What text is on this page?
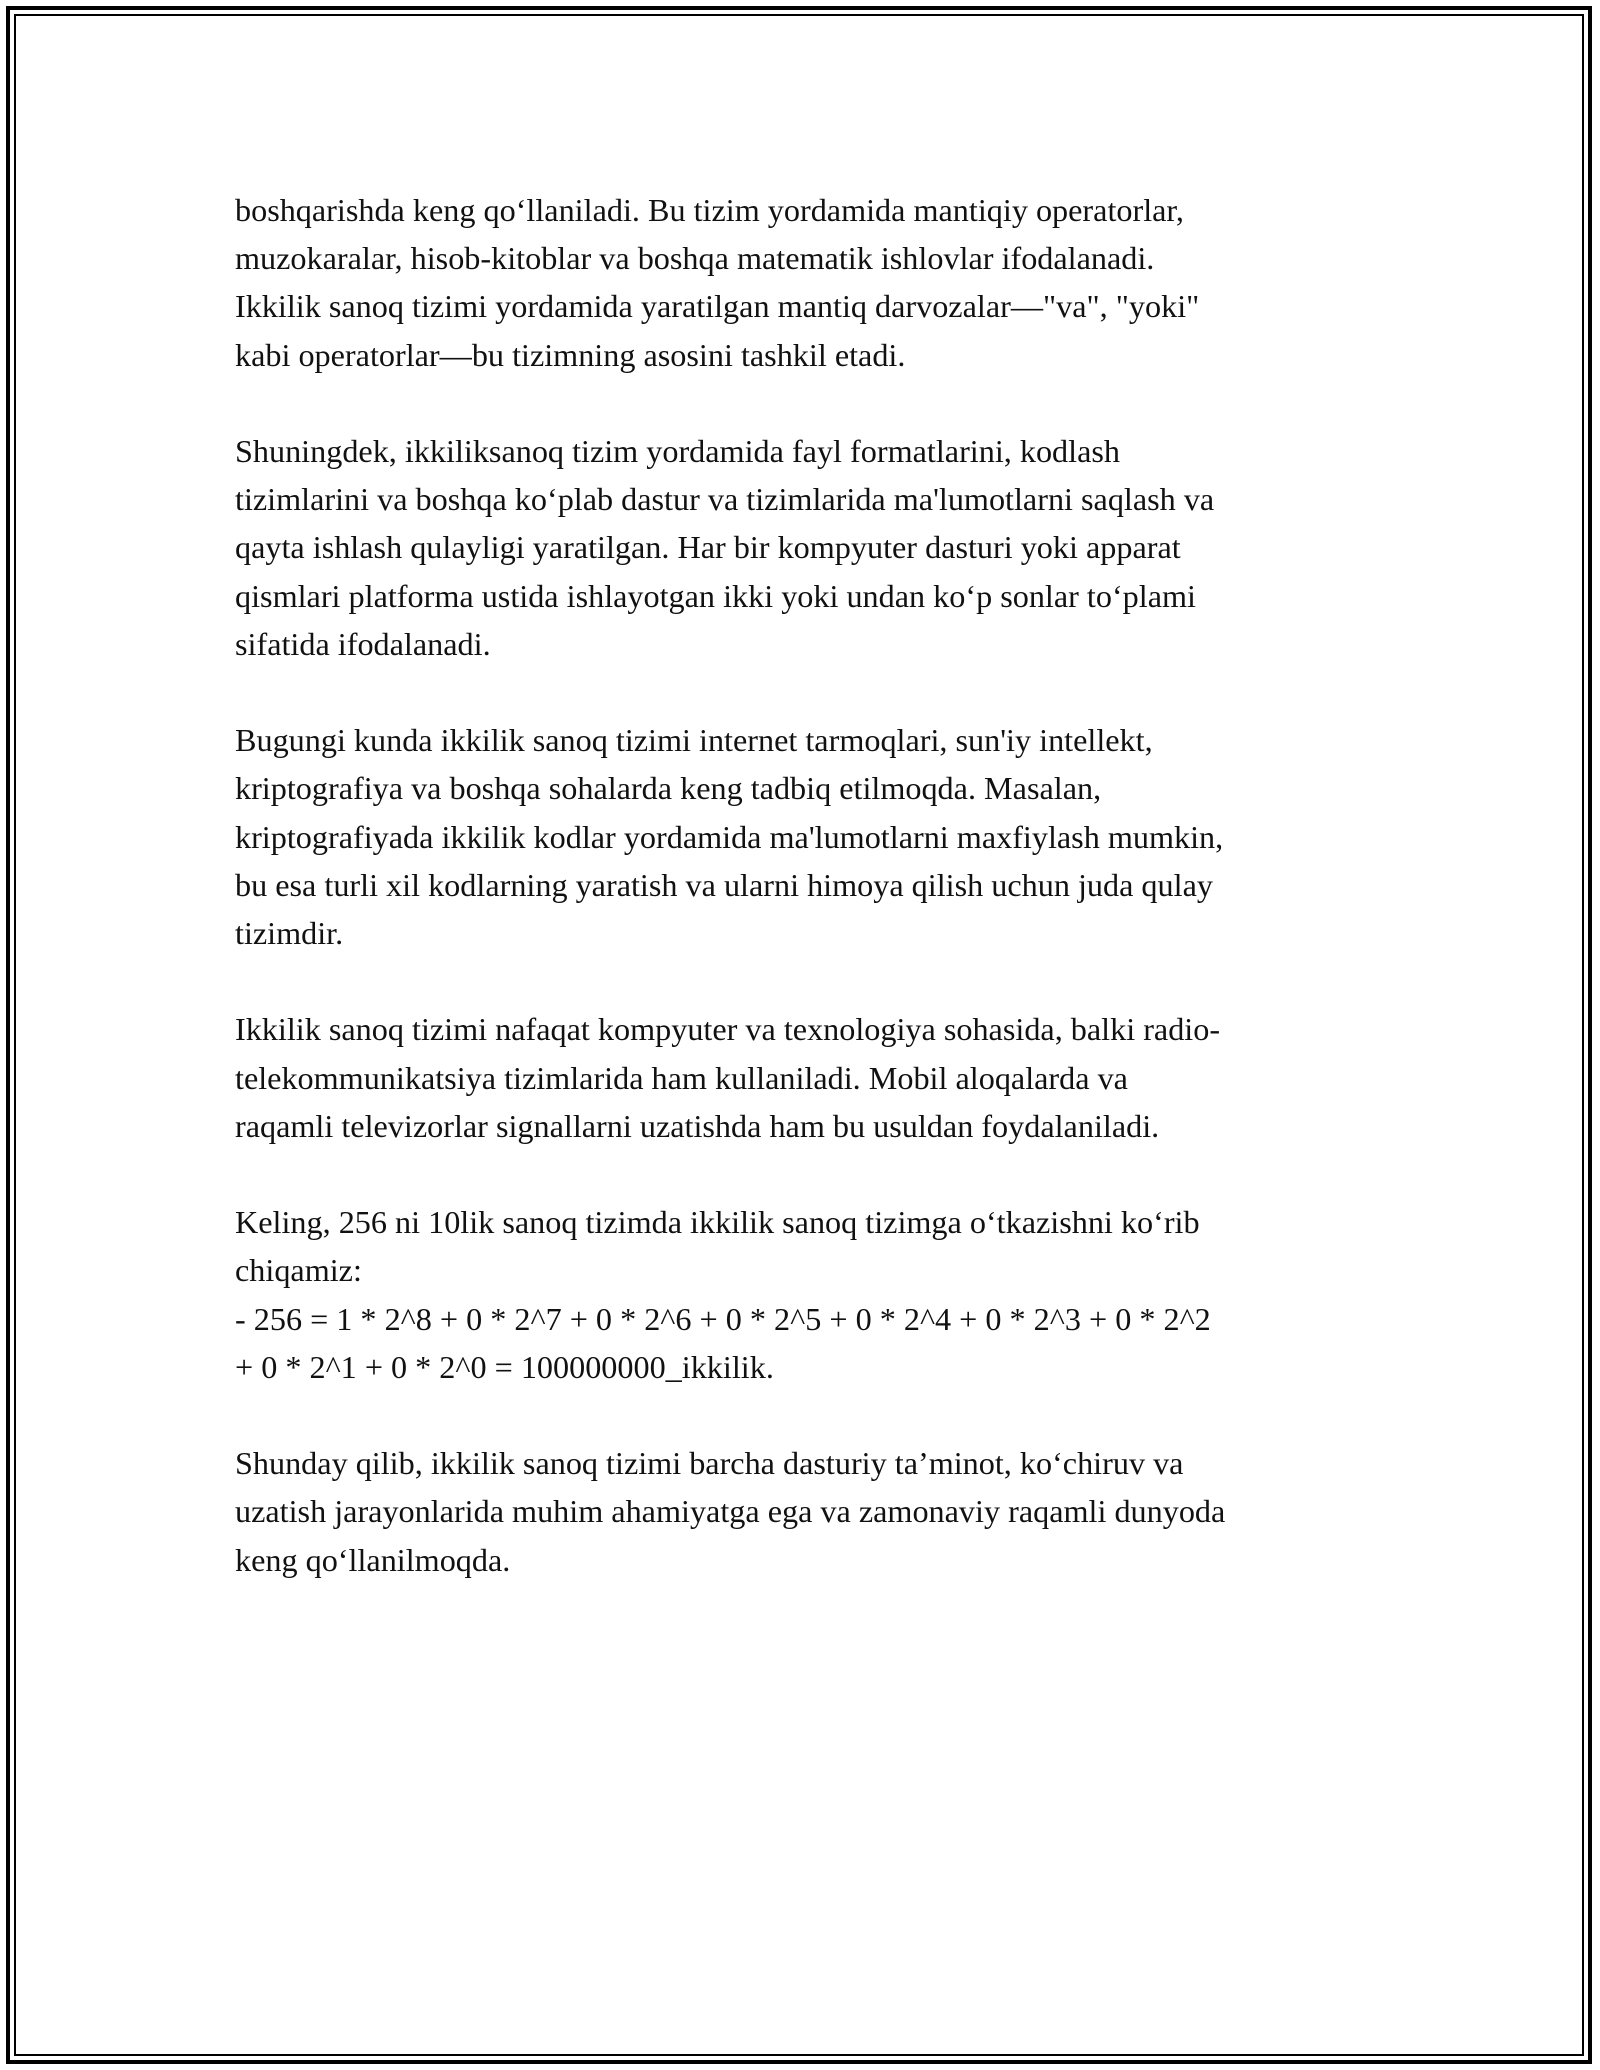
boshqarishda keng qo‘llaniladi. Bu tizim yordamida mantiqiy operatorlar,
muzokaralar, hisob-kitoblar va boshqa matematik ishlovlar ifodalanadi.
Ikkilik sanoq tizimi yordamida yaratilgan mantiq darvozalar—"va", "yoki"
kabi operatorlar—bu tizimning asosini tashkil etadi.

Shuningdek, ikkiliksanoq tizim yordamida fayl formatlarini, kodlash
tizimlarini va boshqa ko‘plab dastur va tizimlarida ma'lumotlarni saqlash va
qayta ishlash qulayligi yaratilgan. Har bir kompyuter dasturi yoki apparat
qismlari platforma ustida ishlayotgan ikki yoki undan ko‘p sonlar to‘plami
sifatida ifodalanadi.

Bugungi kunda ikkilik sanoq tizimi internet tarmoqlari, sun'iy intellekt,
kriptografiya va boshqa sohalarda keng tadbiq etilmoqda. Masalan,
kriptografiyada ikkilik kodlar yordamida ma'lumotlarni maxfiylash mumkin,
bu esa turli xil kodlarning yaratish va ularni himoya qilish uchun juda qulay
tizimdir.

Ikkilik sanoq tizimi nafaqat kompyuter va texnologiya sohasida, balki radio-
telekommunikatsiya tizimlarida ham kullaniladi. Mobil aloqalarda va
raqamli televizorlar signallarni uzatishda ham bu usuldan foydalaniladi.

Keling, 256 ni 10lik sanoq tizimda ikkilik sanoq tizimga o‘tkazishni ko‘rib
chiqamiz:
- 256 = 1 * 2^8 + 0 * 2^7 + 0 * 2^6 + 0 * 2^5 + 0 * 2^4 + 0 * 2^3 + 0 * 2^2
+ 0 * 2^1 + 0 * 2^0 = 100000000_ikkilik.

Shunday qilib, ikkilik sanoq tizimi barcha dasturiy ta’minot, ko‘chiruv va
uzatish jarayonlarida muhim ahamiyatga ega va zamonaviy raqamli dunyoda
keng qo‘llanilmoqda.
